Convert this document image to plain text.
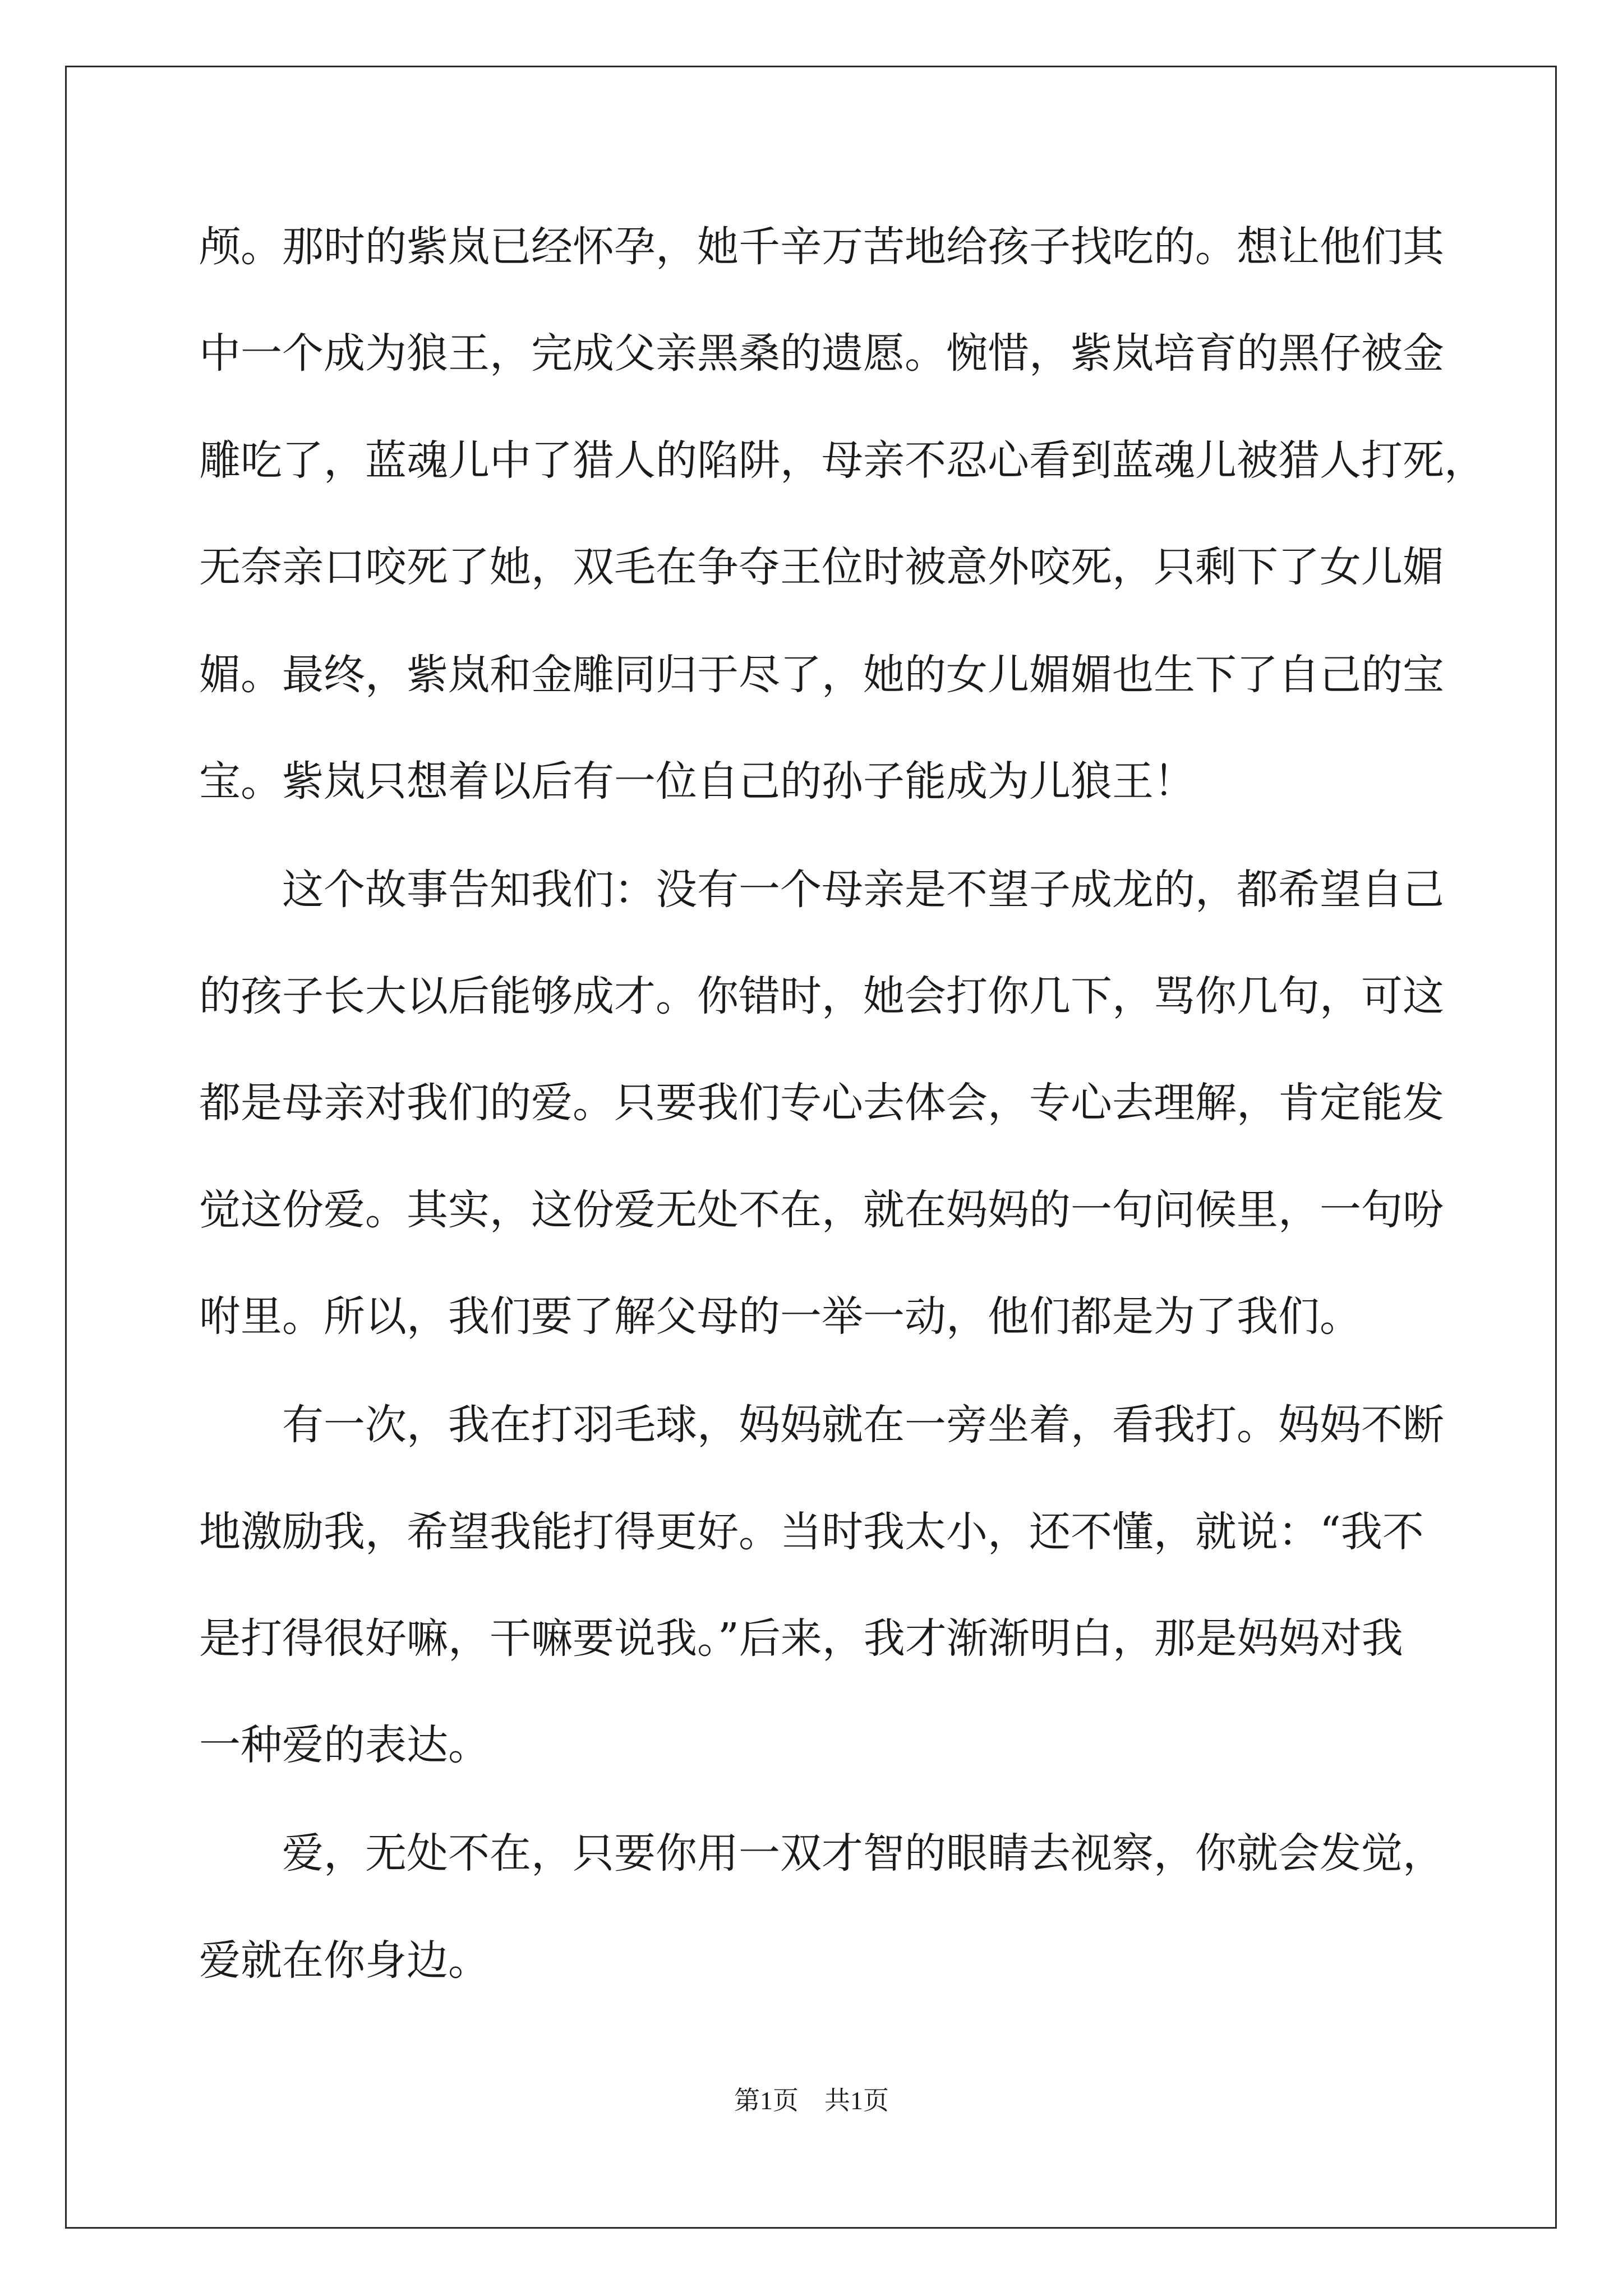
颅。那时的紫岚已经怀孕，她千辛万苦地给孩子找吃的。想让他们其
中一个成为狼王，完成父亲黑桑的遗愿。惋惜，紫岚培育的黑仔被金
雕吃了，蓝魂儿中了猎人的陷阱，母亲不忍心看到蓝魂儿被猎人打死，
无奈亲口咬死了她，双毛在争夺王位时被意外咬死，只剩下了女儿媚
媚。最终，紫岚和金雕同归于尽了，她的女儿媚媚也生下了自己的宝
宝。紫岚只想着以后有一位自己的孙子能成为儿狼王！
　　这个故事告知我们：没有一个母亲是不望子成龙的，都希望自己
的孩子长大以后能够成才。你错时，她会打你几下，骂你几句，可这
都是母亲对我们的爱。只要我们专心去体会，专心去理解，肯定能发
觉这份爱。其实，这份爱无处不在，就在妈妈的一句问候里，一句吩
咐里。所以，我们要了解父母的一举一动，他们都是为了我们。
　　有一次，我在打羽毛球，妈妈就在一旁坐着，看我打。妈妈不断
地激励我，希望我能打得更好。当时我太小，还不懂，就说：“我不
是打得很好嘛，干嘛要说我。”后来，我才渐渐明白，那是妈妈对我
一种爱的表达。
　　爱，无处不在，只要你用一双才智的眼睛去视察，你就会发觉，
爱就在你身边。
第1页　共1页
